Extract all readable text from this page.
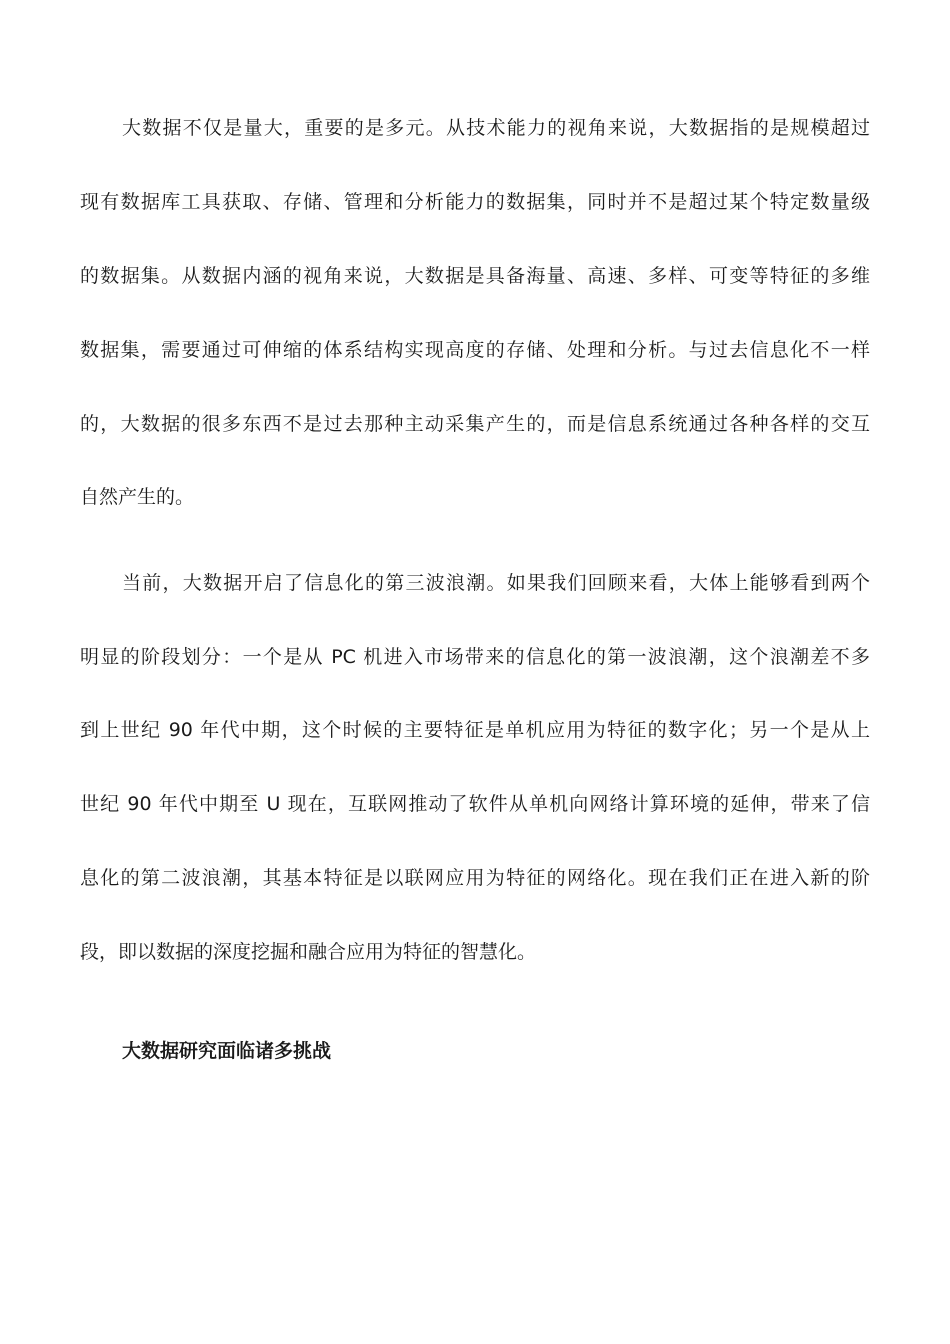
大数据不仅是量大，重要的是多元。从技术能力的视角来说，大数据指的是规模超过
现有数据库工具获取、存储、管理和分析能力的数据集，同时并不是超过某个特定数量级
的数据集。从数据内涵的视角来说，大数据是具备海量、高速、多样、可变等特征的多维
数据集，需要通过可伸缩的体系结构实现高度的存储、处理和分析。与过去信息化不一样
的，大数据的很多东西不是过去那种主动采集产生的，而是信息系统通过各种各样的交互
自然产生的。
当前，大数据开启了信息化的第三波浪潮。如果我们回顾来看，大体上能够看到两个
明显的阶段划分：一个是从 PC 机进入市场带来的信息化的第一波浪潮，这个浪潮差不多
到上世纪 90 年代中期，这个时候的主要特征是单机应用为特征的数字化；另一个是从上
世纪 90 年代中期至 U 现在，互联网推动了软件从单机向网络计算环境的延伸，带来了信
息化的第二波浪潮，其基本特征是以联网应用为特征的网络化。现在我们正在进入新的阶
段，即以数据的深度挖掘和融合应用为特征的智慧化。
大数据研究面临诸多挑战
